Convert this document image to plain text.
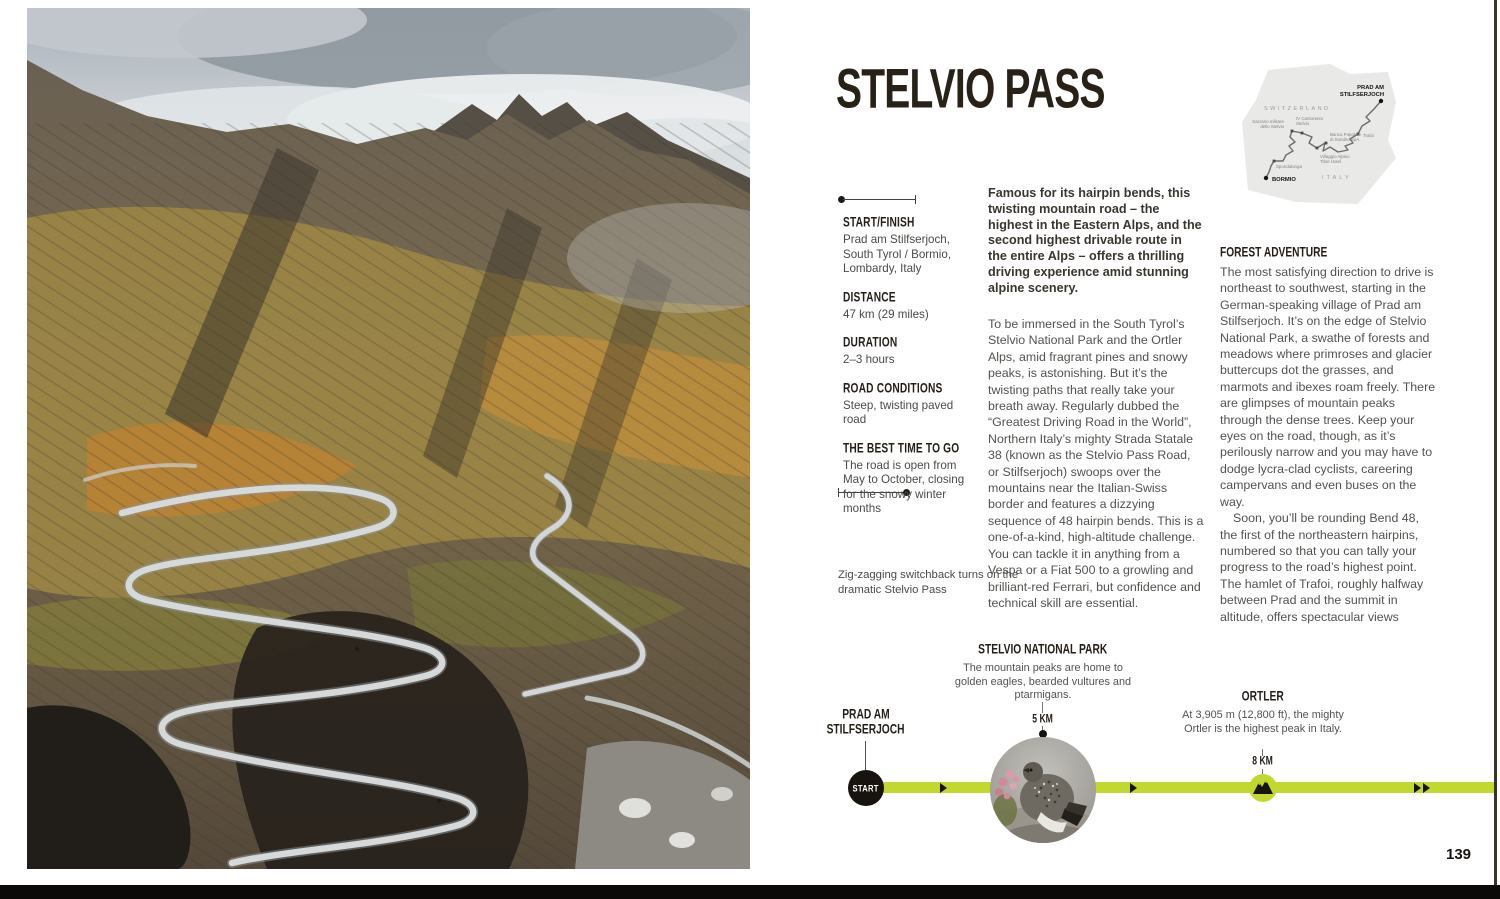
STELVIO PASS	SWITZERLAND
ITALY
PRAD AM
STILFSERJOCH
BORMIO
Trafoi
IV Cantoniera
Stelvio
Sacrario militare
dello Stelvio
Banca Popolare
di Sondrio SpA
Villaggio Alpino
Tibet Hotel
Spondalunga
START/FINISH

Prad am Stilfserjoch, South Tyrol / Bormio, Lombardy, Italy

DISTANCE

47 km (29 miles)

DURATION

2–3 hours

ROAD CONDITIONS

Steep, twisting paved road

THE BEST TIME TO GO

The road is open from May to October, closing for the snowy winter months

Zig-zagging switchback turns on the dramatic Stelvio Pass
Famous for its hairpin bends, this twisting mountain road – the highest in the Eastern Alps, and the second highest drivable route in the entire Alps – offers a thrilling driving experience amid stunning alpine scenery.
To be immersed in the South Tyrol’s Stelvio National Park and the Ortler Alps, amid fragrant pines and snowy peaks, is astonishing. But it’s the twisting paths that really take your breath away. Regularly dubbed the “Greatest Driving Road in the World”, Northern Italy’s mighty Strada Statale 38 (known as the Stelvio Pass Road, or Stilfserjoch) swoops over the mountains near the Italian-Swiss border and features a dizzying sequence of 48 hairpin bends. This is a one-of-a-kind, high-altitude challenge. You can tackle it in anything from a Vespa or a Fiat 500 to a growling and brilliant-red Ferrari, but confidence and technical skill are essential.
FOREST ADVENTURE
The most satisfying direction to drive is northeast to southwest, starting in the German-speaking village of Prad am Stilfserjoch. It’s on the edge of Stelvio National Park, a swathe of forests and meadows where primroses and glacier buttercups dot the grasses, and marmots and ibexes roam freely. There are glimpses of mountain peaks through the dense trees. Keep your eyes on the road, though, as it’s perilously narrow and you may have to dodge lycra-clad cyclists, careering campervans and even buses on the way.
Soon, you’ll be rounding Bend 48, the first of the northeastern hairpins, numbered so that you can tally your progress to the road’s highest point. The hamlet of Trafoi, roughly halfway between Prad and the summit in altitude, offers spectacular views
STELVIO NATIONAL PARK
The mountain peaks are home to golden eagles, bearded vultures and ptarmigans.
5 KM
ORTLER
At 3,905 m (12,800 ft), the mighty Ortler is the highest peak in Italy.
8 KM
PRAD AM
STILFSERJOCH
START
139
